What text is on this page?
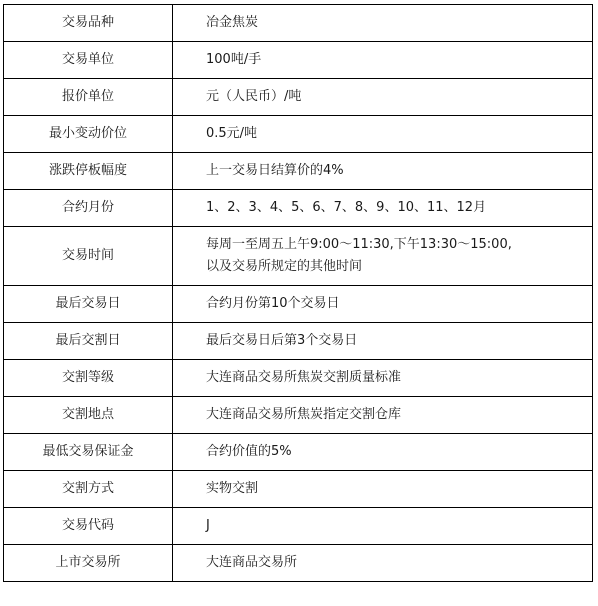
交易品种	冶金焦炭
交易单位	100吨/手
报价单位	元（人民币）/吨
最小变动价位	0.5元/吨
涨跌停板幅度	上一交易日结算价的4%
合约月份	1、2、3、4、5、6、7、8、9、10、11、12月
交易时间	每周一至周五上午9:00～11:30,下午13:30～15:00,
以及交易所规定的其他时间

最后交易日	合约月份第10个交易日
最后交割日	最后交易日后第3个交易日
交割等级	大连商品交易所焦炭交割质量标准
交割地点	大连商品交易所焦炭指定交割仓库
最低交易保证金	合约价值的5%
交割方式	实物交割
交易代码	J
上市交易所	大连商品交易所
